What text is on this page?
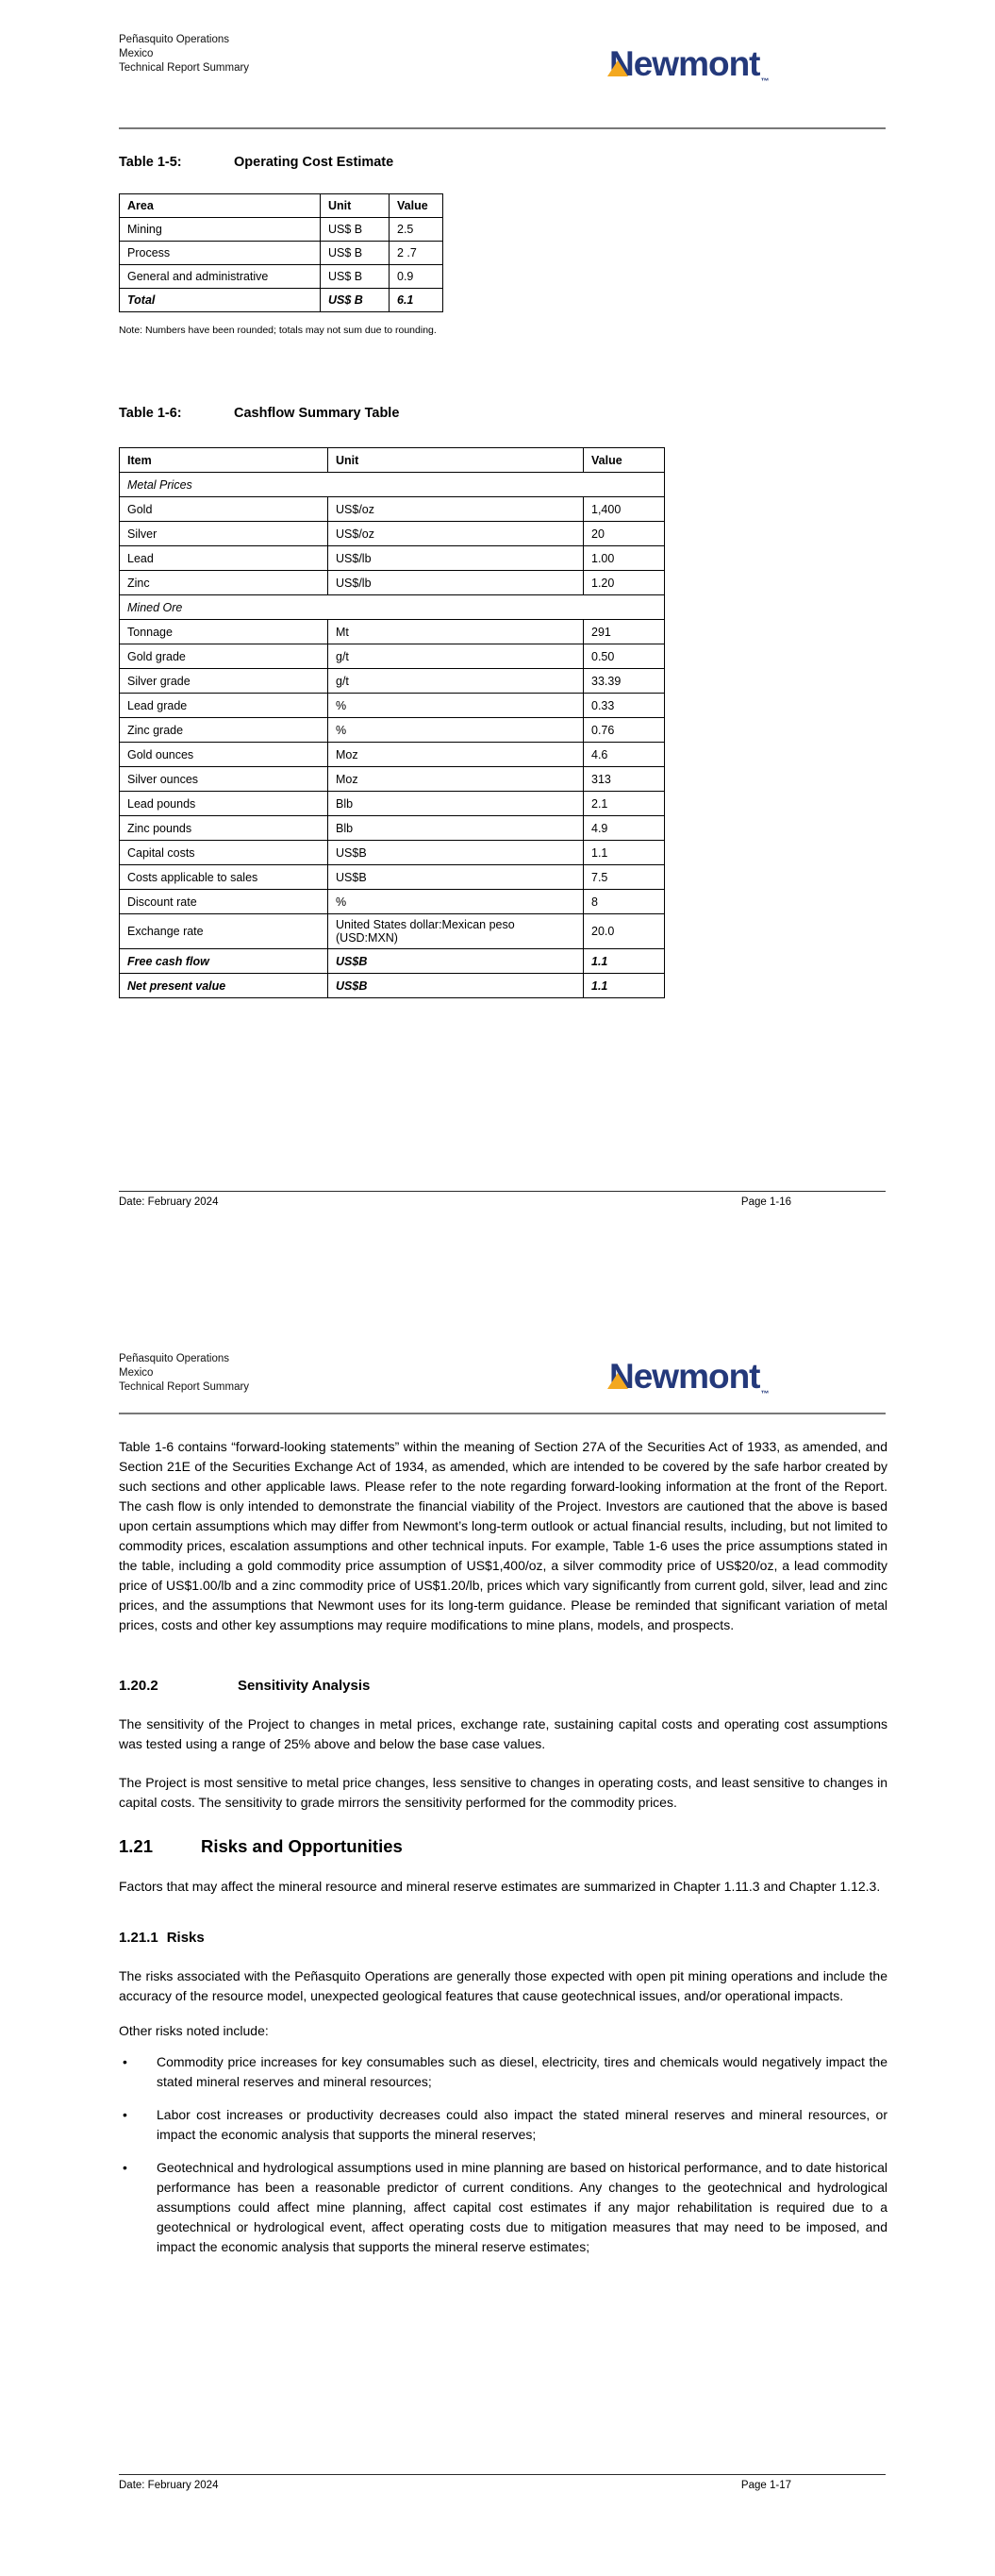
Peñasquito Operations
Mexico
Technical Report Summary	Newmont
$_™$
Table 1-5:	Operating Cost Estimate
Area	Unit	Value
Mining	US$ B	2.5
Process	US$ B	2 .7
General and administrative	US$ B	0.9
Total	US$ B	6.1

Note: Numbers have been rounded; totals may not sum due to rounding.

Table 1-6:	Cashflow Summary Table
Item	Unit	Value
Metal Prices		
Gold	US$/oz	1,400
Silver	US$/oz	20
Lead	US$/lb	1.00
Zinc	US$/lb	1.20
Mined Ore		
Tonnage	Mt	291
Gold grade	g/t	0.50
Silver grade	g/t	33.39
Lead grade	%	0.33
Zinc grade	%	0.76
Gold ounces	Moz	4.6
Silver ounces	Moz	313
Lead pounds	Blb	2.1
Zinc pounds	Blb	4.9
Capital costs	US$B	1.1
Costs applicable to sales	US$B	7.5
Discount rate	%	8
Exchange rate	United States dollar:Mexican peso (USD:MXN)	20.0
Free cash flow	US$B	1.1
Net present value	US$B	1.1
Date: February 2024	Page 1-16
Peñasquito Operations
Mexico
Technical Report Summary	Newmont
$_™$

Table 1-6 contains “forward-looking statements” within the meaning of Section 27A of the Securities Act of 1933, as amended, and Section 21E of the Securities Exchange Act of 1934, as amended, which are intended to be covered by the safe harbor created by such sections and other applicable laws. Please refer to the note regarding forward-looking information at the front of the Report. The cash flow is only intended to demonstrate the financial viability of the Project. Investors are cautioned that the above is based upon certain assumptions which may differ from Newmont’s long-term outlook or actual financial results, including, but not limited to commodity prices, escalation assumptions and other technical inputs. For example, Table 1-6 uses the price assumptions stated in the table, including a gold commodity price assumption of US$1,400/oz, a silver commodity price of US$20/oz, a lead commodity price of US$1.00/lb and a zinc commodity price of US$1.20/lb, prices which vary significantly from current gold, silver, lead and zinc prices, and the assumptions that Newmont uses for its long-term guidance. Please be reminded that significant variation of metal prices, costs and other key assumptions may require modifications to mine plans, models, and prospects.

1.20.2	Sensitivity Analysis

The sensitivity of the Project to changes in metal prices, exchange rate, sustaining capital costs and operating cost assumptions was tested using a range of 25% above and below the base case values.

The Project is most sensitive to metal price changes, less sensitive to changes in operating costs, and least sensitive to changes in capital costs. The sensitivity to grade mirrors the sensitivity performed for the commodity prices.

1.21	Risks and Opportunities

Factors that may affect the mineral resource and mineral reserve estimates are summarized in Chapter 1.11.3 and Chapter 1.12.3.

1.21.1 Risks

The risks associated with the Peñasquito Operations are generally those expected with open pit mining operations and include the accuracy of the resource model, unexpected geological features that cause geotechnical issues, and/or operational impacts.

Other risks noted include:

• Commodity price increases for key consumables such as diesel, electricity, tires and chemicals would negatively impact the stated mineral reserves and mineral resources;
• Labor cost increases or productivity decreases could also impact the stated mineral reserves and mineral resources, or impact the economic analysis that supports the mineral reserves;
• Geotechnical and hydrological assumptions used in mine planning are based on historical performance, and to date historical performance has been a reasonable predictor of current conditions. Any changes to the geotechnical and hydrological assumptions could affect mine planning, affect capital cost estimates if any major rehabilitation is required due to a geotechnical or hydrological event, affect operating costs due to mitigation measures that may need to be imposed, and impact the economic analysis that supports the mineral reserve estimates;
Date: February 2024	Page 1-17
